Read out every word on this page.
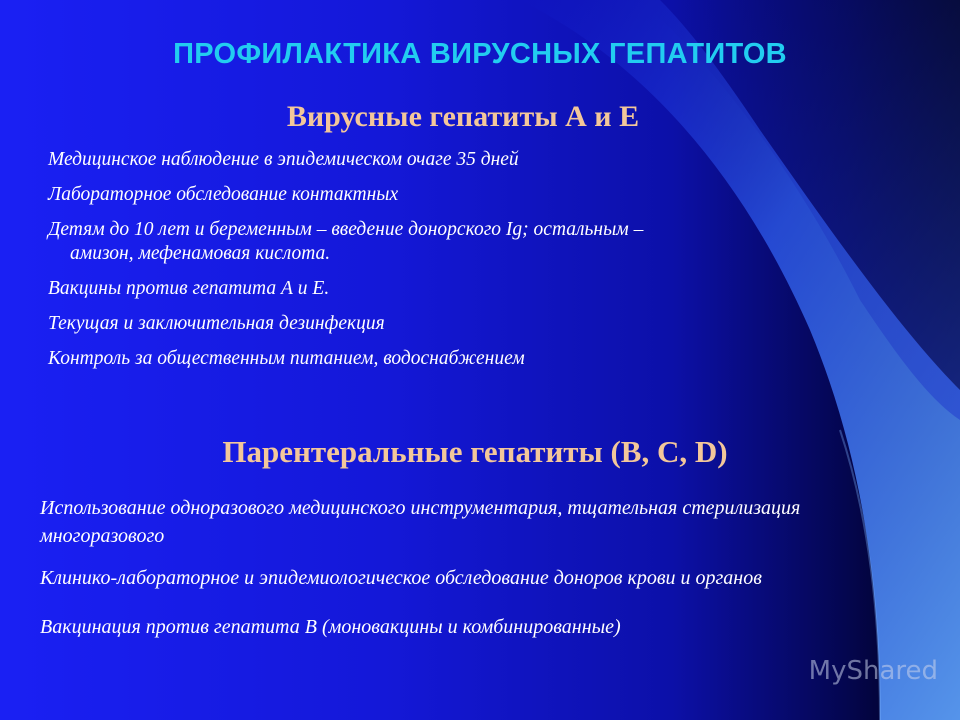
ПРОФИЛАКТИКА ВИРУСНЫХ ГЕПАТИТОВ
Вирусные гепатиты А и Е
Медицинское наблюдение в эпидемическом очаге 35 дней
Лабораторное обследование контактных
Детям до 10 лет и беременным – введение донорского Ig; остальным – амизон, мефенамовая кислота.
Вакцины против гепатита А и Е.
Текущая и заключительная дезинфекция
Контроль за общественным питанием, водоснабжением
Парентеральные гепатиты (B, C, D)
Использование одноразового медицинского инструментария, тщательная стерилизация многоразового
Клинико-лабораторное и эпидемиологическое обследование доноров крови и органов
Вакцинация против гепатита В (моновакцины и комбинированные)
MyShared
